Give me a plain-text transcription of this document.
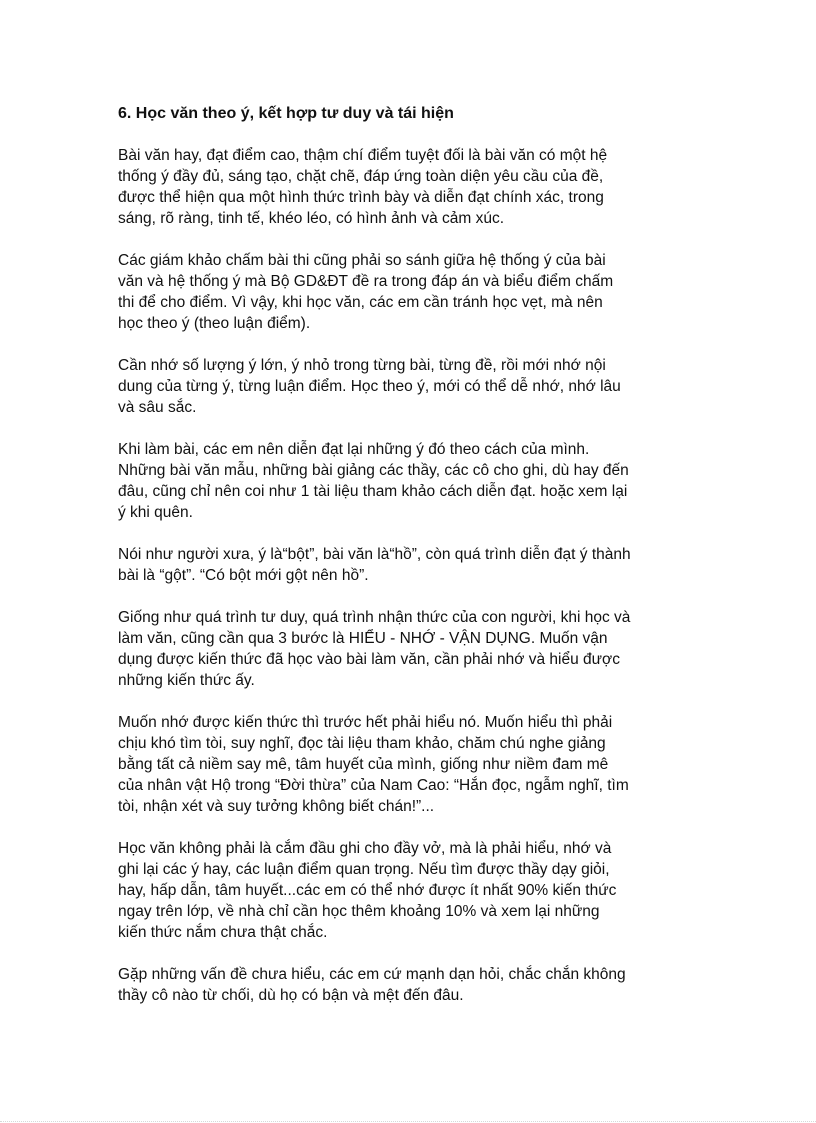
6. Học văn theo ý, kết hợp tư duy và tái hiện

Bài văn hay, đạt điểm cao, thậm chí điểm tuyệt đối là bài văn có một hệ
thống ý đầy đủ, sáng tạo, chặt chẽ, đáp ứng toàn diện yêu cầu của đề,
được thể hiện qua một hình thức trình bày và diễn đạt chính xác, trong
sáng, rõ ràng, tinh tế, khéo léo, có hình ảnh và cảm xúc.

Các giám khảo chấm bài thi cũng phải so sánh giữa hệ thống ý của bài
văn và hệ thống ý mà Bộ GD&ĐT đề ra trong đáp án và biểu điểm chấm
thi để cho điểm. Vì vậy, khi học văn, các em cần tránh học vẹt, mà nên
học theo ý (theo luận điểm).

Cần nhớ số lượng ý lớn, ý nhỏ trong từng bài, từng đề, rồi mới nhớ nội
dung của từng ý, từng luận điểm. Học theo ý, mới có thể dễ nhớ, nhớ lâu
và sâu sắc.

Khi làm bài, các em nên diễn đạt lại những ý đó theo cách của mình.
Những bài văn mẫu, những bài giảng các thầy, các cô cho ghi, dù hay đến
đâu, cũng chỉ nên coi như 1 tài liệu tham khảo cách diễn đạt. hoặc xem lại
ý khi quên.

Nói như người xưa, ý là“bột”, bài văn là“hồ”, còn quá trình diễn đạt ý thành
bài là “gột”. “Có bột mới gột nên hồ”.

Giống như quá trình tư duy, quá trình nhận thức của con người, khi học và
làm văn, cũng cần qua 3 bước là HIỂU - NHỚ - VẬN DỤNG. Muốn vận
dụng được kiến thức đã học vào bài làm văn, cần phải nhớ và hiểu được
những kiến thức ấy.

Muốn nhớ được kiến thức thì trước hết phải hiểu nó. Muốn hiểu thì phải
chịu khó tìm tòi, suy nghĩ, đọc tài liệu tham khảo, chăm chú nghe giảng
bằng tất cả niềm say mê, tâm huyết của mình, giống như niềm đam mê
của nhân vật Hộ trong “Đời thừa” của Nam Cao: “Hắn đọc, ngẫm nghĩ, tìm
tòi, nhận xét và suy tưởng không biết chán!”...

Học văn không phải là cắm đầu ghi cho đầy vở, mà là phải hiểu, nhớ và
ghi lại các ý hay, các luận điểm quan trọng. Nếu tìm được thầy dạy giỏi,
hay, hấp dẫn, tâm huyết...các em có thể nhớ được ít nhất 90% kiến thức
ngay trên lớp, về nhà chỉ cần học thêm khoảng 10% và xem lại những
kiến thức nắm chưa thật chắc.

Gặp những vấn đề chưa hiểu, các em cứ mạnh dạn hỏi, chắc chắn không
thầy cô nào từ chối, dù họ có bận và mệt đến đâu.
